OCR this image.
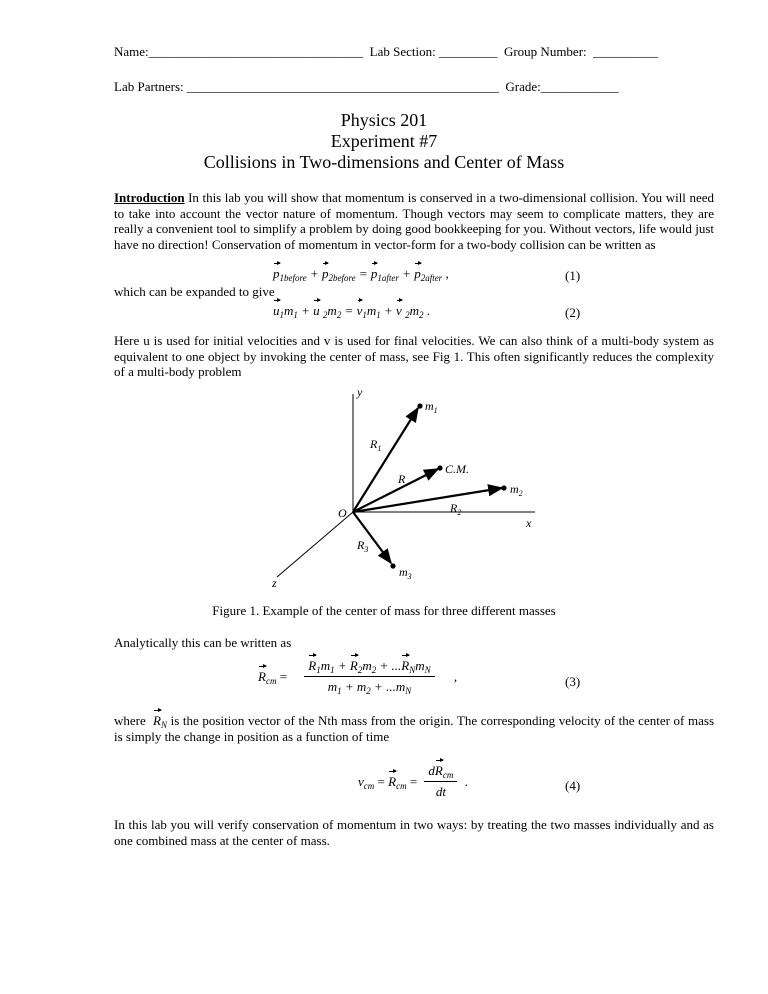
Name:_________________________________  Lab Section: _________  Group Number:  __________
Lab Partners: ________________________________________________  Grade:____________
Physics 201
Experiment #7
Collisions in Two-dimensions and Center of Mass
Introduction In this lab you will show that momentum is conserved in a two-dimensional collision. You will need to take into account the vector nature of momentum. Though vectors may seem to complicate matters, they are really a convenient tool to simplify a problem by doing good bookkeeping for you. Without vectors, life would just have no direction! Conservation of momentum in vector-form for a two-body collision can be written as
$p_{1before} + p_{2before} = p_{1after} + p_{2after}$ ,	(1)
which can be expanded to give
$u_1m_1 + u$ $_2m_2 = v_1m_1 + v$ $_2m_2$ .	(2)
Here u is used for initial velocities and v is used for final velocities. We can also think of a multi-body system as equivalent to one object by invoking the center of mass, see Fig 1. This often significantly reduces the complexity of a multi-body problem
y
x
z
O
$m_1$
$m_2$
$m_3$
$R_1$
$R_2$
$R_3$
R
C.M.
Figure 1. Example of the center of mass for three different masses
Analytically this can be written as
$R_{cm} = \frac{R_1m_1 + R_2m_2 + ...R_Nm_N}{m_1 + m_2 + ...m_N}$ ,	(3)
where $R_N$ is the position vector of the Nth mass from the origin. The corresponding velocity of the center of mass is simply the change in position as a function of time
$v_{cm} = R_{cm} = \frac{dR_{cm}}{dt}$ .	(4)
In this lab you will verify conservation of momentum in two ways: by treating the two masses individually and as one combined mass at the center of mass.
